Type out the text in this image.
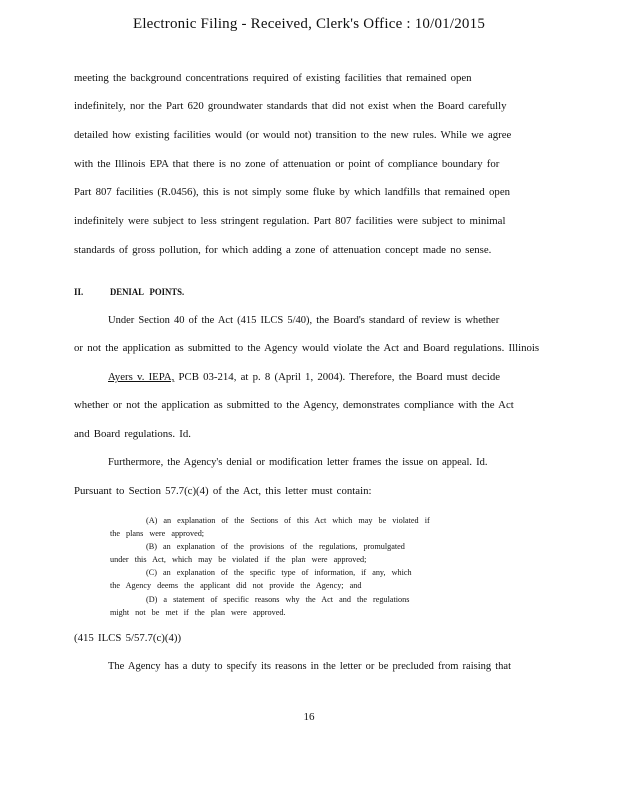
Electronic Filing - Received, Clerk's Office : 10/01/2015
meeting the background concentrations required of existing facilities that remained open
indefinitely, nor the Part 620 groundwater standards that did not exist when the Board carefully
detailed how existing facilities would (or would not) transition to the new rules. While we agree
with the Illinois EPA that there is no zone of attenuation or point of compliance boundary for
Part 807 facilities (R.0456), this is not simply some fluke by which landfills that remained open
indefinitely were subject to less stringent regulation. Part 807 facilities were subject to minimal
standards of gross pollution, for which adding a zone of attenuation concept made no sense.
II.	DENIAL POINTS.
Under Section 40 of the Act (415 ILCS 5/40), the Board's standard of review is whether
or not the application as submitted to the Agency would violate the Act and Board regulations. Illinois
Ayers v. IEPA, PCB 03-214, at p. 8 (April 1, 2004). Therefore, the Board must decide
whether or not the application as submitted to the Agency, demonstrates compliance with the Act
and Board regulations. Id.
Furthermore, the Agency's denial or modification letter frames the issue on appeal. Id.
Pursuant to Section 57.7(c)(4) of the Act, this letter must contain:
(A) an explanation of the Sections of this Act which may be violated if
the plans were approved;
(B) an explanation of the provisions of the regulations, promulgated
under this Act, which may be violated if the plan were approved;
(C) an explanation of the specific type of information, if any, which
the Agency deems the applicant did not provide the Agency; and
(D) a statement of specific reasons why the Act and the regulations
might not be met if the plan were approved.
(415 ILCS 5/57.7(c)(4))
The Agency has a duty to specify its reasons in the letter or be precluded from raising that
16
